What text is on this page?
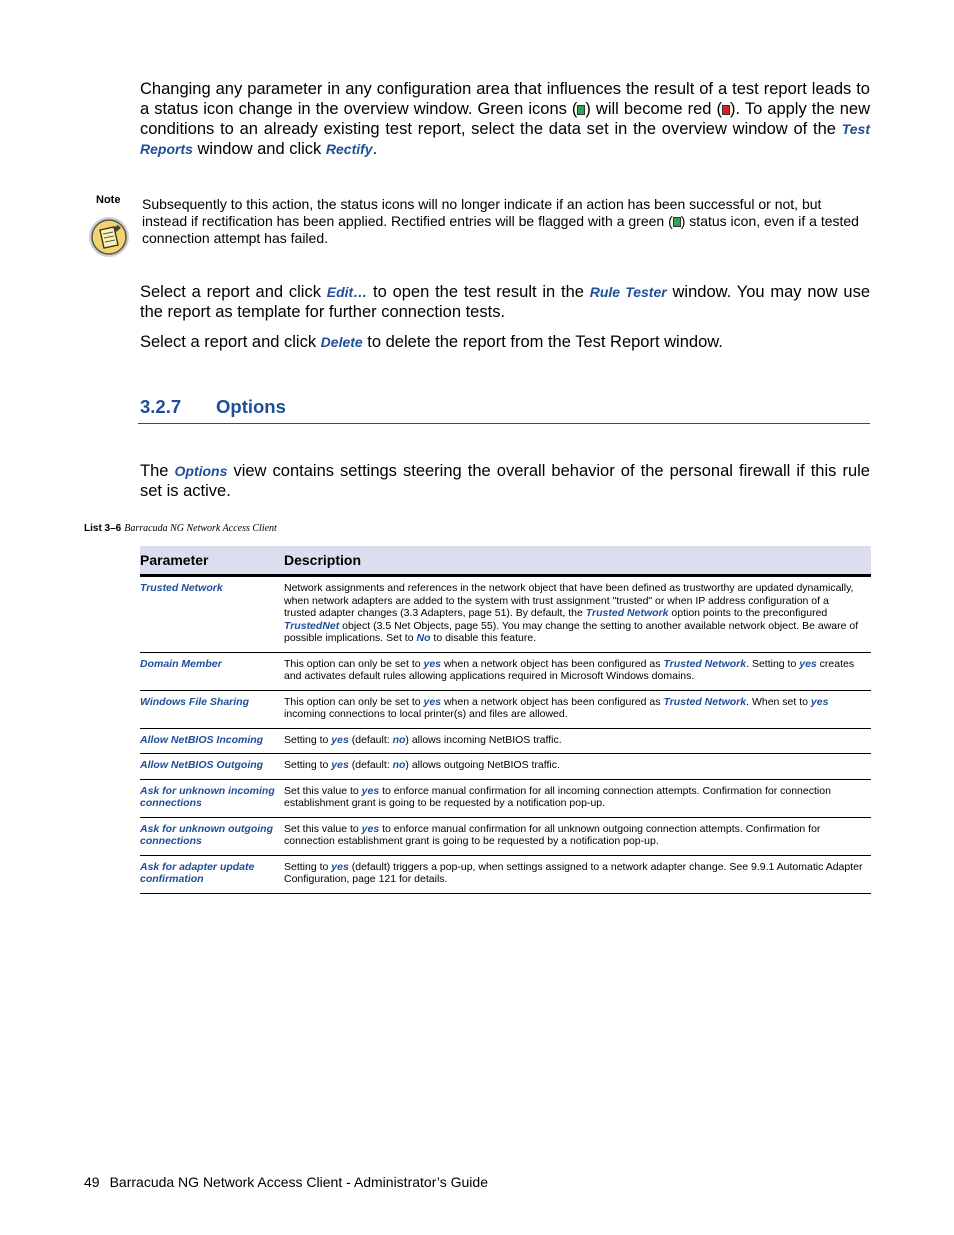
Changing any parameter in any configuration area that influences the result of a test report leads to a status icon change in the overview window. Green icons ( ) will become red ( ). To apply the new conditions to an already existing test report, select the data set in the overview window of the Test Reports window and click Rectify.
Note Subsequently to this action, the status icons will no longer indicate if an action has been successful or not, but instead if rectification has been applied. Rectified entries will be flagged with a green ( ) status icon, even if a tested connection attempt has failed.
Select a report and click Edit… to open the test result in the Rule Tester window. You may now use the report as template for further connection tests.
Select a report and click Delete to delete the report from the Test Report window.
3.2.7 Options
The Options view contains settings steering the overall behavior of the personal firewall if this rule set is active.
List 3–6 Barracuda NG Network Access Client
Parameter	Description
Trusted Network	Network assignments and references in the network object that have been defined as trustworthy are updated dynamically, when network adapters are added to the system with trust assignment "trusted" or when IP address configuration of a trusted adapter changes (3.3 Adapters, page 51). By default, the Trusted Network option points to the preconfigured TrustedNet object (3.5 Net Objects, page 55). You may change the setting to another available network object. Be aware of possible implications. Set to No to disable this feature.
Domain Member	This option can only be set to yes when a network object has been configured as Trusted Network. Setting to yes creates and activates default rules allowing applications required in Microsoft Windows domains.
Windows File Sharing	This option can only be set to yes when a network object has been configured as Trusted Network. When set to yes incoming connections to local printer(s) and files are allowed.
Allow NetBIOS Incoming	Setting to yes (default: no) allows incoming NetBIOS traffic.
Allow NetBIOS Outgoing	Setting to yes (default: no) allows outgoing NetBIOS traffic.
Ask for unknown incoming connections	Set this value to yes to enforce manual confirmation for all incoming connection attempts. Confirmation for connection establishment grant is going to be requested by a notification pop-up.
Ask for unknown outgoing connections	Set this value to yes to enforce manual confirmation for all unknown outgoing connection attempts. Confirmation for connection establishment grant is going to be requested by a notification pop-up.
Ask for adapter update confirmation	Setting to yes (default) triggers a pop-up, when settings assigned to a network adapter change. See 9.9.1 Automatic Adapter Configuration, page 121 for details.
49 Barracuda NG Network Access Client - Administrator’s Guide
